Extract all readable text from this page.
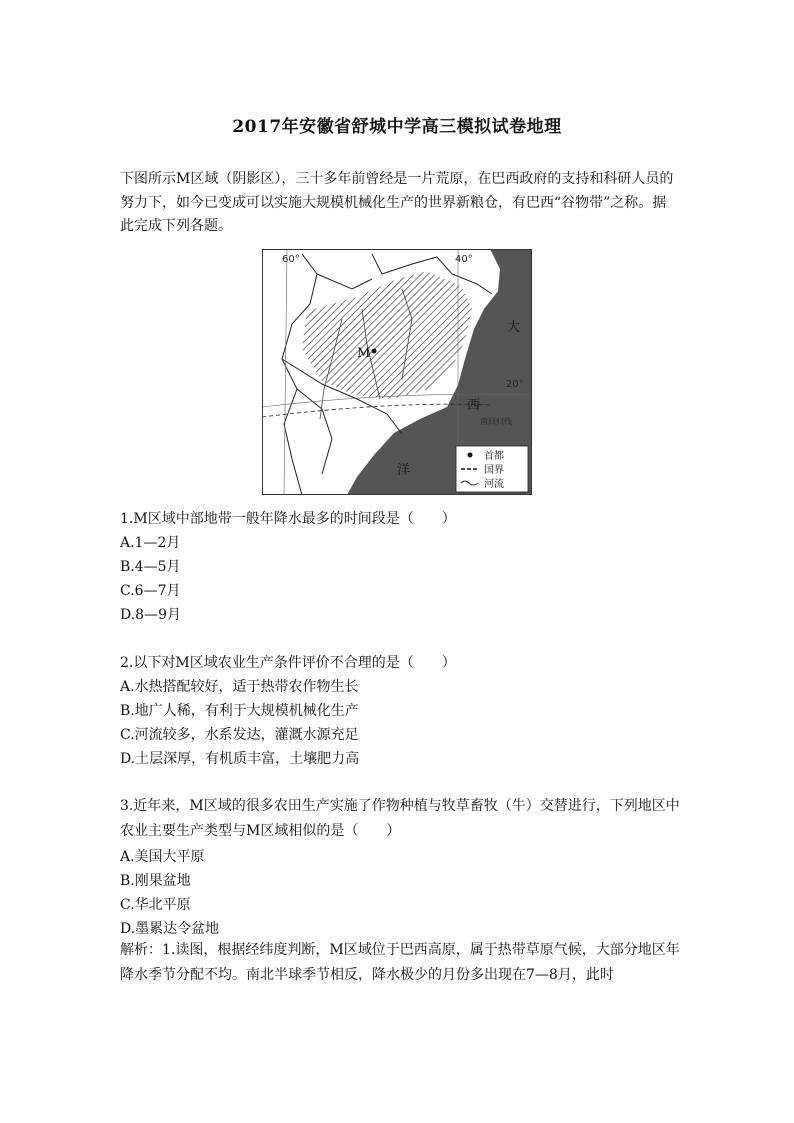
2017年安徽省舒城中学高三模拟试卷地理
下图所示M区域（阴影区），三十多年前曾经是一片荒原，在巴西政府的支持和科研人员的努力下，如今已变成可以实施大规模机械化生产的世界新粮仓，有巴西“谷物带”之称。据此完成下列各题。
60°	40°
20°
M
大
西
洋
南回归线
首都
国界
河流
1.M区域中部地带一般年降水最多的时间段是（　　）
A.1—2月
B.4—5月
C.6—7月
D.8—9月
2.以下对M区域农业生产条件评价不合理的是（　　）
A.水热搭配较好，适于热带农作物生长
B.地广人稀，有利于大规模机械化生产
C.河流较多，水系发达，灌溉水源充足
D.土层深厚，有机质丰富，土壤肥力高
3.近年来，M区域的很多农田生产实施了作物种植与牧草畜牧（牛）交替进行，下列地区中农业主要生产类型与M区域相似的是（　　）
A.美国大平原
B.刚果盆地
C.华北平原
D.墨累达令盆地
解析：1.读图，根据经纬度判断，M区域位于巴西高原，属于热带草原气候，大部分地区年降水季节分配不均。南北半球季节相反，降水极少的月份多出现在7—8月，此时
